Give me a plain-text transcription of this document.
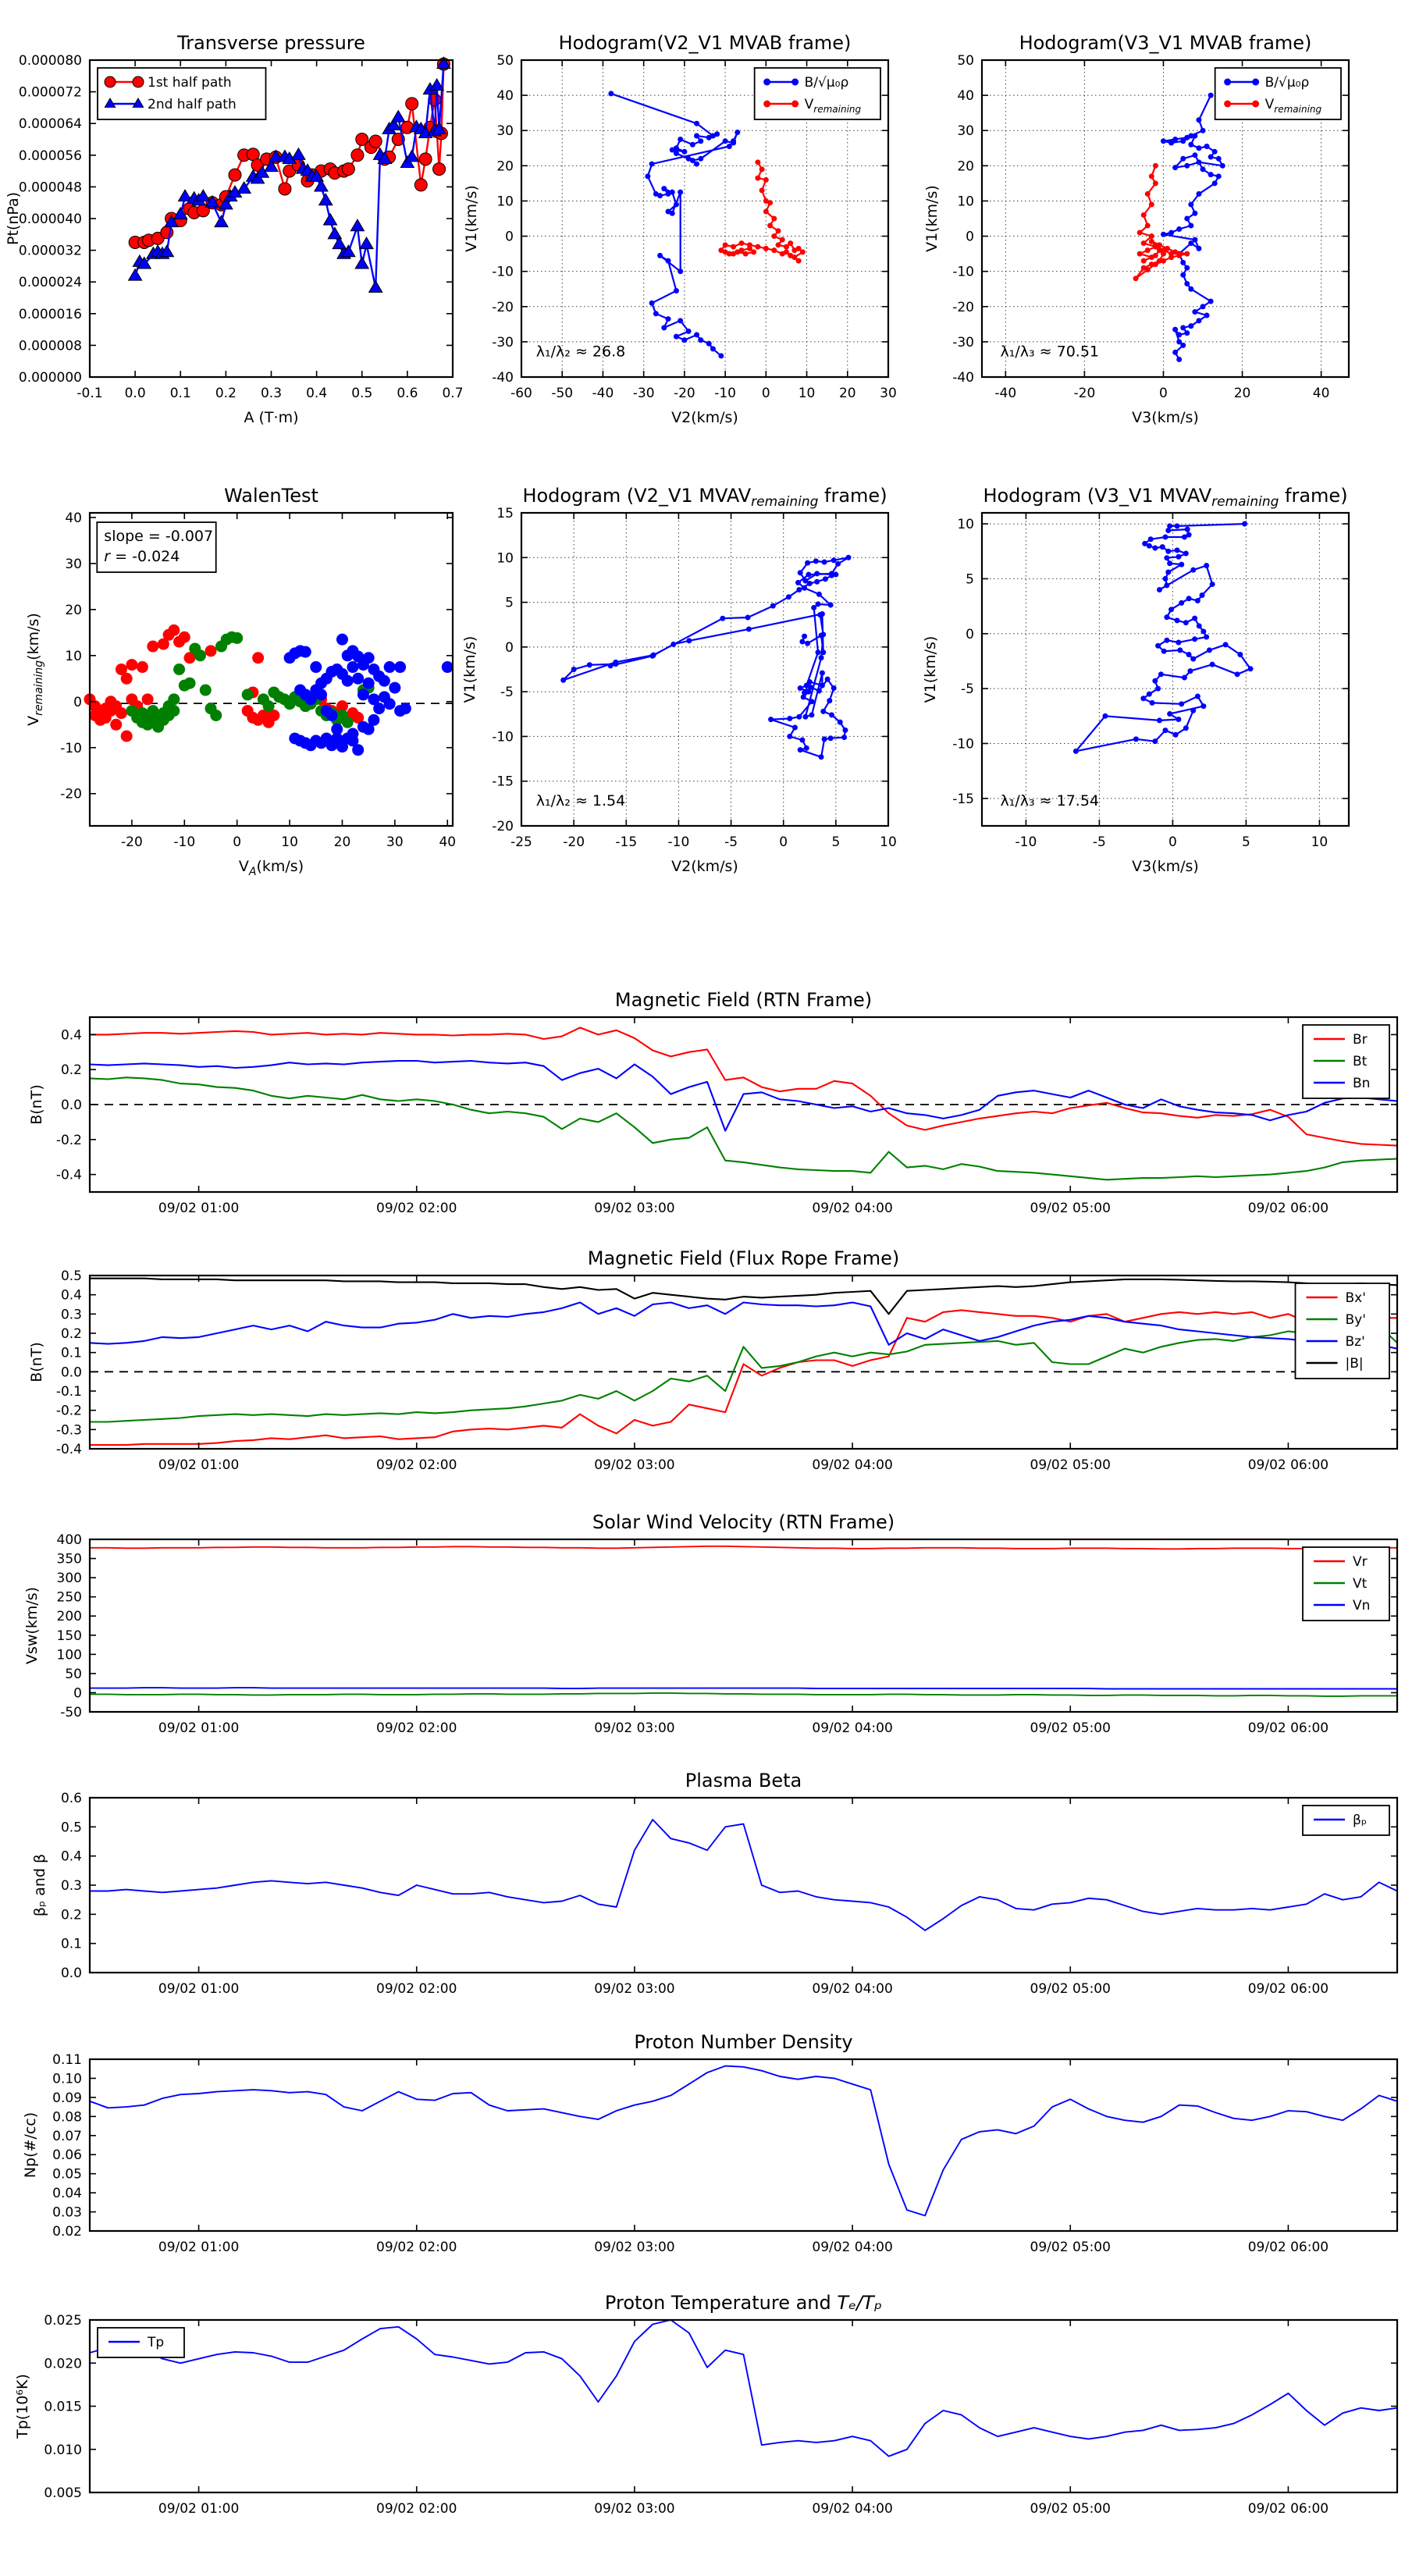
-0.1 0.0 0.1 0.2 0.3 0.4 0.5 0.6 0.7
0.000000
0.000008
0.000016
0.000024
0.000032
0.000040
0.000048
0.000056
0.000064
0.000072
0.000080
Transverse pressure
A (T·m)
Pt(nPa)
1st half path
2nd half path
-60 -50 -40 -30 -20 -10 0 10 20 30
-40
-30
-20
-10
0
10
20
30
40
50
Hodogram(V2_V1 MVAB frame)
V2(km/s)
V1(km/s)
B/√μ₀ρ
$V_{remaining}$
λ₁/λ₂ ≈ 26.8
-40	-20	0	20	40
-40
-30
-20
-10
0
10
20
30
40
50
Hodogram(V3_V1 MVAB frame)
V3(km/s)
V1(km/s)
B/√μ₀ρ
$V_{remaining}$
λ₁/λ₃ ≈ 70.51
-20 -10	0	10	20	30	40
-20
-10
0
10
20
30
40
WalenTest
$V_A(km/s)$
$V_{remaining}(km/s)$
slope = -0.007
r = -0.024
-25 -20 -15 -10	-5	0	5	10
-20
-15
-10
-5
0
5
10
15
Hodogram (V2_V1 $MVAV_{remaining}$ frame)
V2(km/s)
V1(km/s)
λ₁/λ₂ ≈ 1.54
-10	-5	0	5	10
-15
-10
-5
0
5
10
Hodogram (V3_V1 $MVAV_{remaining}$ frame)
V3(km/s)
V1(km/s)
λ₁/λ₃ ≈ 17.54
09/02 01:00	09/02 02:00	09/02 03:00	09/02 04:00	09/02 05:00	09/02 06:00
-0.4
-0.2
0.0
0.2
0.4
Magnetic Field (RTN Frame)
B(nT)
Br
Bt
Bn
09/02 01:00	09/02 02:00	09/02 03:00	09/02 04:00	09/02 05:00	09/02 06:00
-0.4
-0.3
-0.2
-0.1
0.0
0.1
0.2
0.3
0.4
0.5
Magnetic Field (Flux Rope Frame)
B(nT)
Bx'
By'
Bz'
|B|
09/02 01:00	09/02 02:00	09/02 03:00	09/02 04:00	09/02 05:00	09/02 06:00
-50
0
50
100
150
200
250
300
350
400
Solar Wind Velocity (RTN Frame)
Vsw(km/s)
Vr
Vt
Vn
09/02 01:00	09/02 02:00	09/02 03:00	09/02 04:00	09/02 05:00	09/02 06:00
0.0
0.1
0.2
0.3
0.4
0.5
0.6
Plasma Beta
βₚ and β
βₚ
09/02 01:00	09/02 02:00	09/02 03:00	09/02 04:00	09/02 05:00	09/02 06:00
0.02
0.03
0.04
0.05
0.06
0.07
0.08
0.09
0.10
0.11
Proton Number Density
Np(#/cc)
09/02 01:00	09/02 02:00	09/02 03:00	09/02 04:00	09/02 05:00	09/02 06:00
0.005
0.010
0.015
0.020
0.025
Proton Temperature and Tₑ/Tₚ
Tp(10⁶K)
Tp
